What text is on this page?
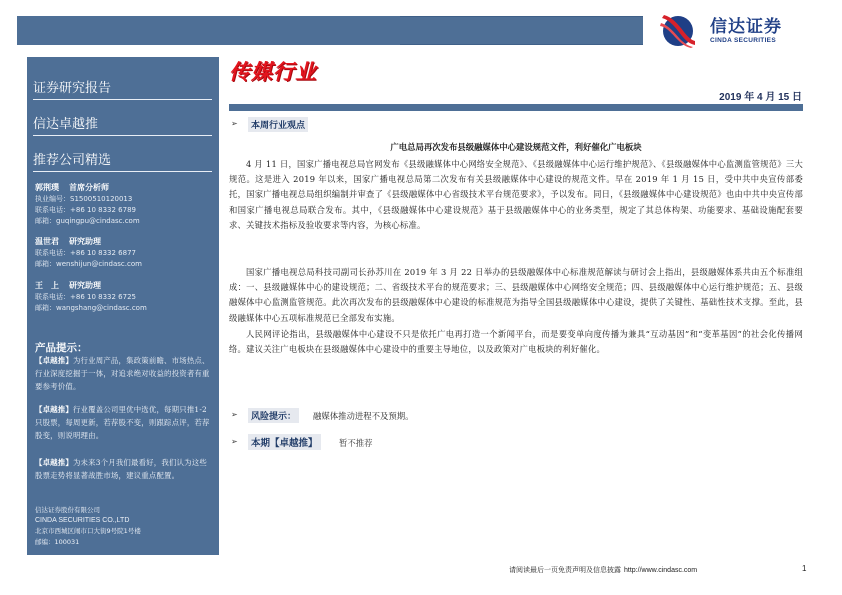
信达证券
CINDA SECURITIES
证券研究报告
信达卓越推
推荐公司精选
郭荆璞 首席分析师
执业编号：S1500510120013
联系电话：+86 10 8332 6789
邮箱：guqingpu@cindasc.com
温世君 研究助理
联系电话：+86 10 8332 6877
邮箱：wenshijun@cindasc.com
王　上 研究助理
联系电话：+86 10 8332 6725
邮箱：wangshang@cindasc.com
产品提示：
【卓越推】为行业周产品，集政策前瞻、市场热点、行业深度挖掘于一体，对追求绝对收益的投资者有重要参考价值。
【卓越推】行业覆盖公司里优中选优，每期只推1-2只股票，每周更新，若荐股不变，则跟踪点评，若荐股变，则说明理由。
【卓越推】为未来3个月我们最看好，我们认为这些股票走势将显著战胜市场，建议重点配置。
信达证券股份有限公司
CINDA SECURITIES CO.,LTD
北京市西城区闹市口大街9号院1号楼
邮编：100031
传媒行业
2019 年 4 月 15 日
➢	本周行业观点
广电总局再次发布县级融媒体中心建设规范文件，利好催化广电板块
4 月 11 日，国家广播电视总局官网发布《县级融媒体中心网络安全规范》、《县级融媒体中心运行维护规范》、《县级融媒体中心监测监管规范》三大规范。这是进入 2019 年以来，国家广播电视总局第二次发布有关县级融媒体中心建设的规范文件。早在 2019 年 1 月 15 日，受中共中央宣传部委托，国家广播电视总局组织编制并审查了《县级融媒体中心省级技术平台规范要求》，予以发布。同日，《县级融媒体中心建设规范》也由中共中央宣传部和国家广播电视总局联合发布。其中，《县级融媒体中心建设规范》基于县级融媒体中心的业务类型，规定了其总体构架、功能要求、基础设施配套要求、关键技术指标及验收要求等内容，为核心标准。
国家广播电视总局科技司副司长孙苏川在 2019 年 3 月 22 日举办的县级融媒体中心标准规范解读与研讨会上指出，县级融媒体系共由五个标准组成：一、县级融媒体中心的建设规范；二、省级技术平台的规范要求；三、县级融媒体中心网络安全规范；四、县级融媒体中心运行维护规范；五、县级融媒体中心监测监管规范。此次再次发布的县级融媒体中心建设的标准规范为指导全国县级融媒体中心建设，提供了关键性、基础性技术支撑。至此，县级融媒体中心五项标准规范已全部发布实施。
人民网评论指出，县级融媒体中心建设不只是依托广电再打造一个新闻平台，而是要变单向度传播为兼具“互动基因”和“变革基因”的社会化传播网络。建议关注广电板块在县级融媒体中心建设中的重要主导地位，以及政策对广电板块的利好催化。
➢	风险提示：	融媒体推动进程不及预期。
➢	本期【卓越推】	暂不推荐
请阅读最后一页免责声明及信息披露 http://www.cindasc.com	1
